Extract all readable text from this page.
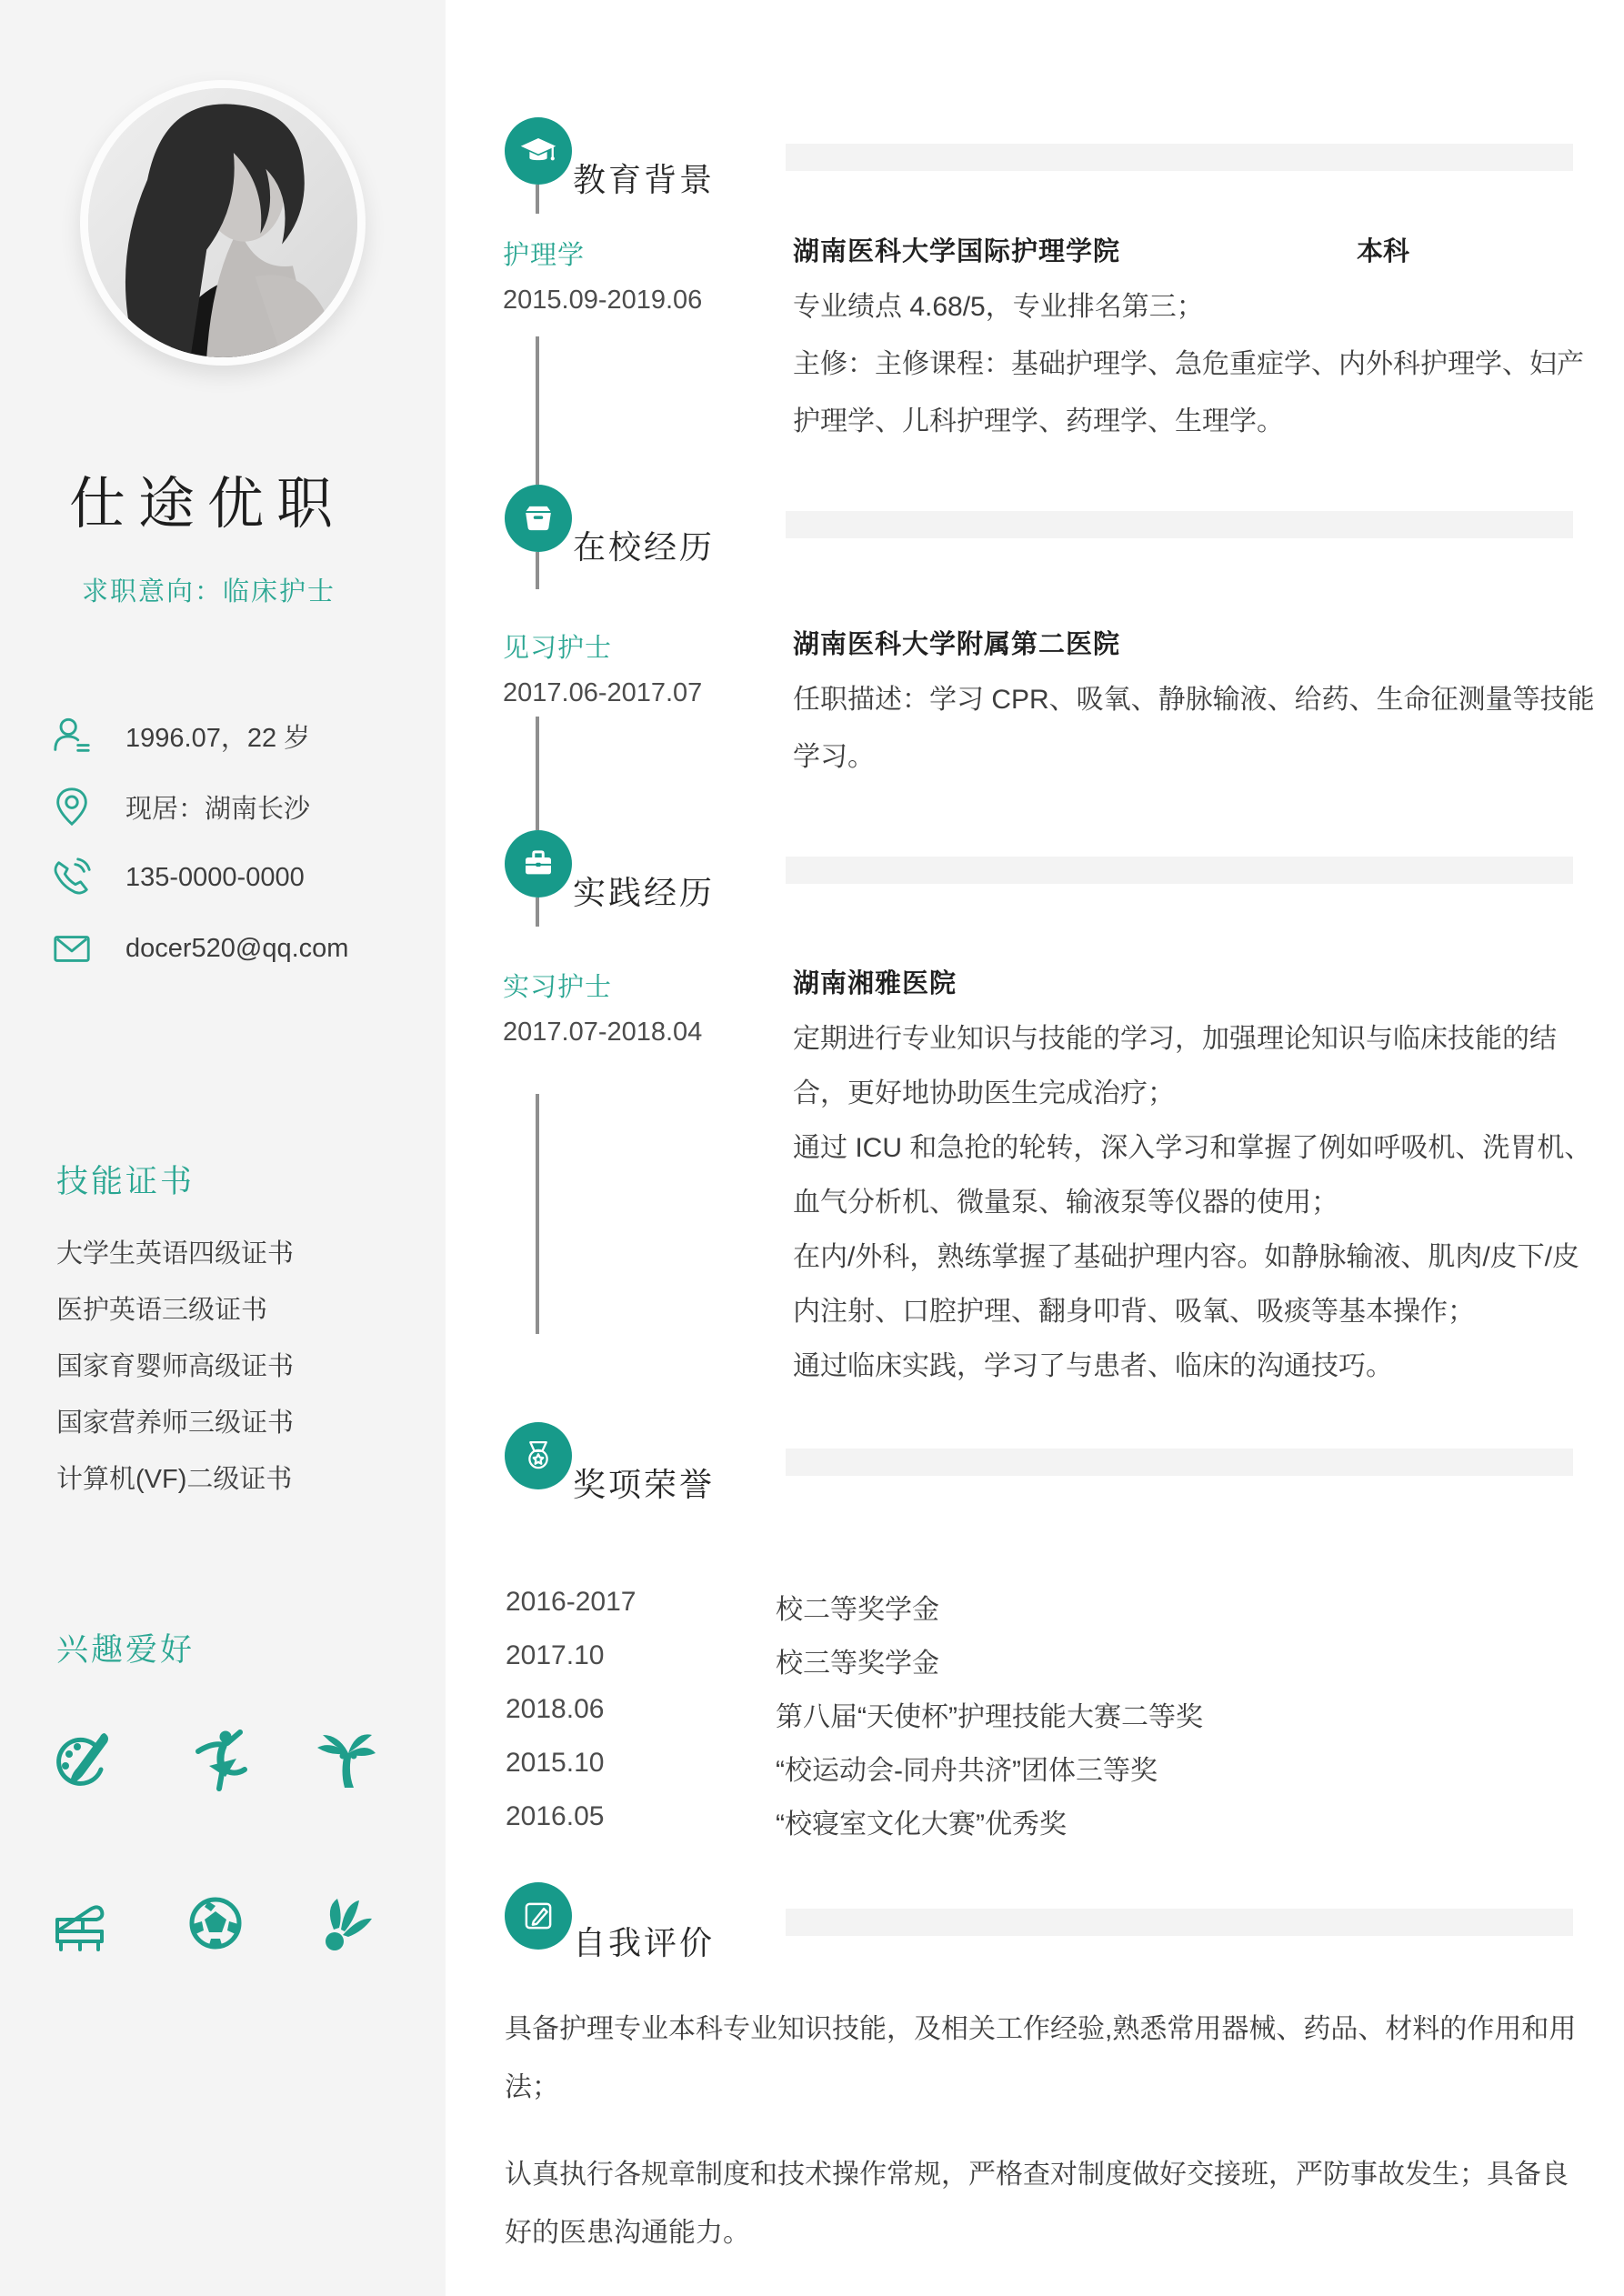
仕途优职
求职意向：临床护士
1996.07，22 岁
现居：湖南长沙
135-0000-0000
docer520@qq.com
技能证书
大学生英语四级证书
医护英语三级证书
国家育婴师高级证书
国家营养师三级证书
计算机(VF)二级证书
兴趣爱好
教育背景
护理学
2015.09-2019.06
湖南医科大学国际护理学院	本科
专业绩点 4.68/5，专业排名第三；
主修：主修课程：基础护理学、急危重症学、内外科护理学、妇产护理学、儿科护理学、药理学、生理学。
在校经历
见习护士
2017.06-2017.07
湖南医科大学附属第二医院
任职描述：学习 CPR、吸氧、静脉输液、给药、生命征测量等技能学习。
实践经历
实习护士
2017.07-2018.04
湖南湘雅医院
定期进行专业知识与技能的学习，加强理论知识与临床技能的结合，更好地协助医生完成治疗；
通过 ICU 和急抢的轮转，深入学习和掌握了例如呼吸机、洗胃机、血气分析机、微量泵、输液泵等仪器的使用；
在内/外科，熟练掌握了基础护理内容。如静脉输液、肌肉/皮下/皮内注射、口腔护理、翻身叩背、吸氧、吸痰等基本操作；
通过临床实践，学习了与患者、临床的沟通技巧。
奖项荣誉
2016-2017	校二等奖学金
2017.10	校三等奖学金
2018.06	第八届“天使杯”护理技能大赛二等奖
2015.10	“校运动会-同舟共济”团体三等奖
2016.05	“校寝室文化大赛”优秀奖
自我评价
具备护理专业本科专业知识技能，及相关工作经验,熟悉常用器械、药品、材料的作用和用法；
认真执行各规章制度和技术操作常规，严格查对制度做好交接班，严防事故发生；具备良好的医患沟通能力。
